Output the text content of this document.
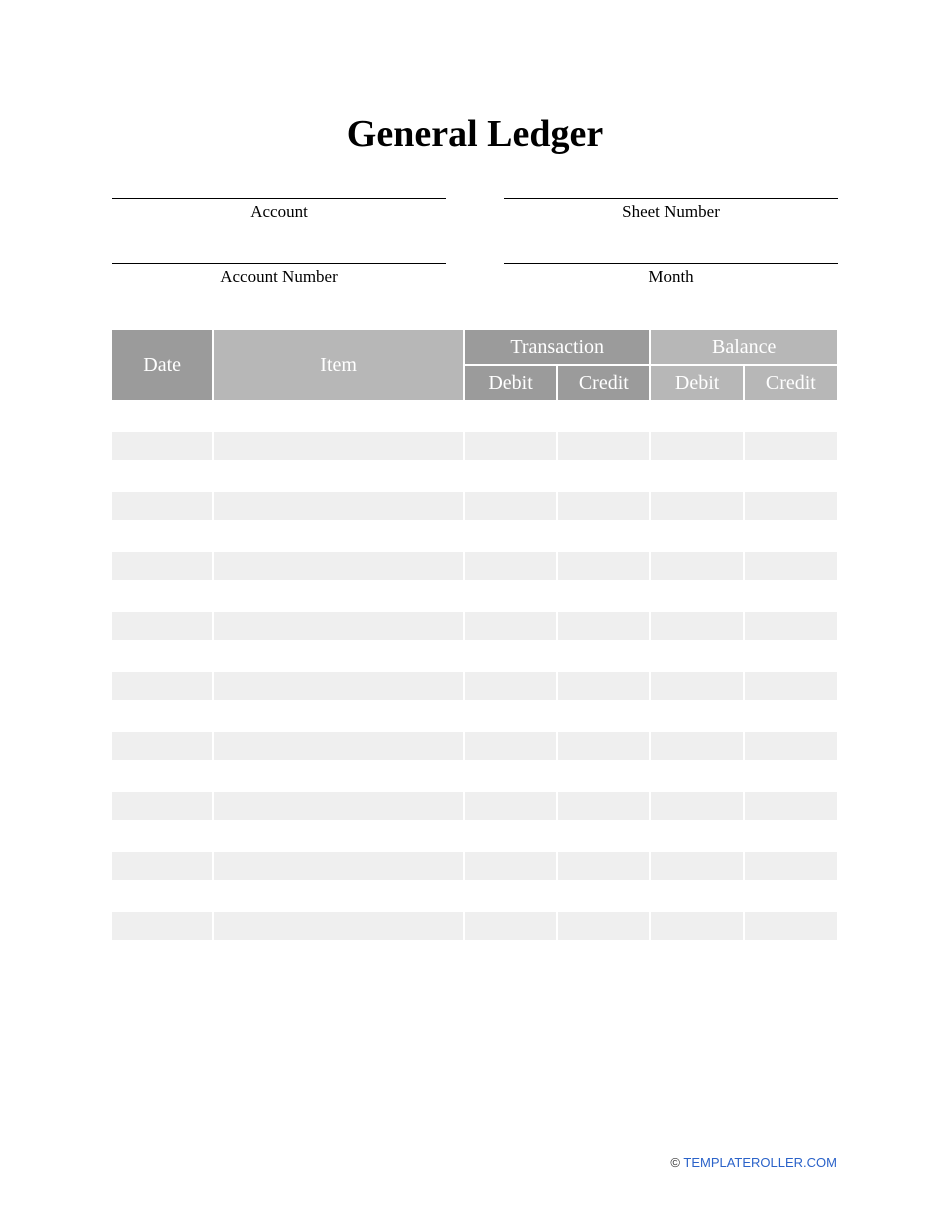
General Ledger
Account	Sheet Number
Account Number	Month
Date	Item	Transaction		Balance	
		Debit	Credit	Debit	Credit

© TEMPLATEROLLER.COM
